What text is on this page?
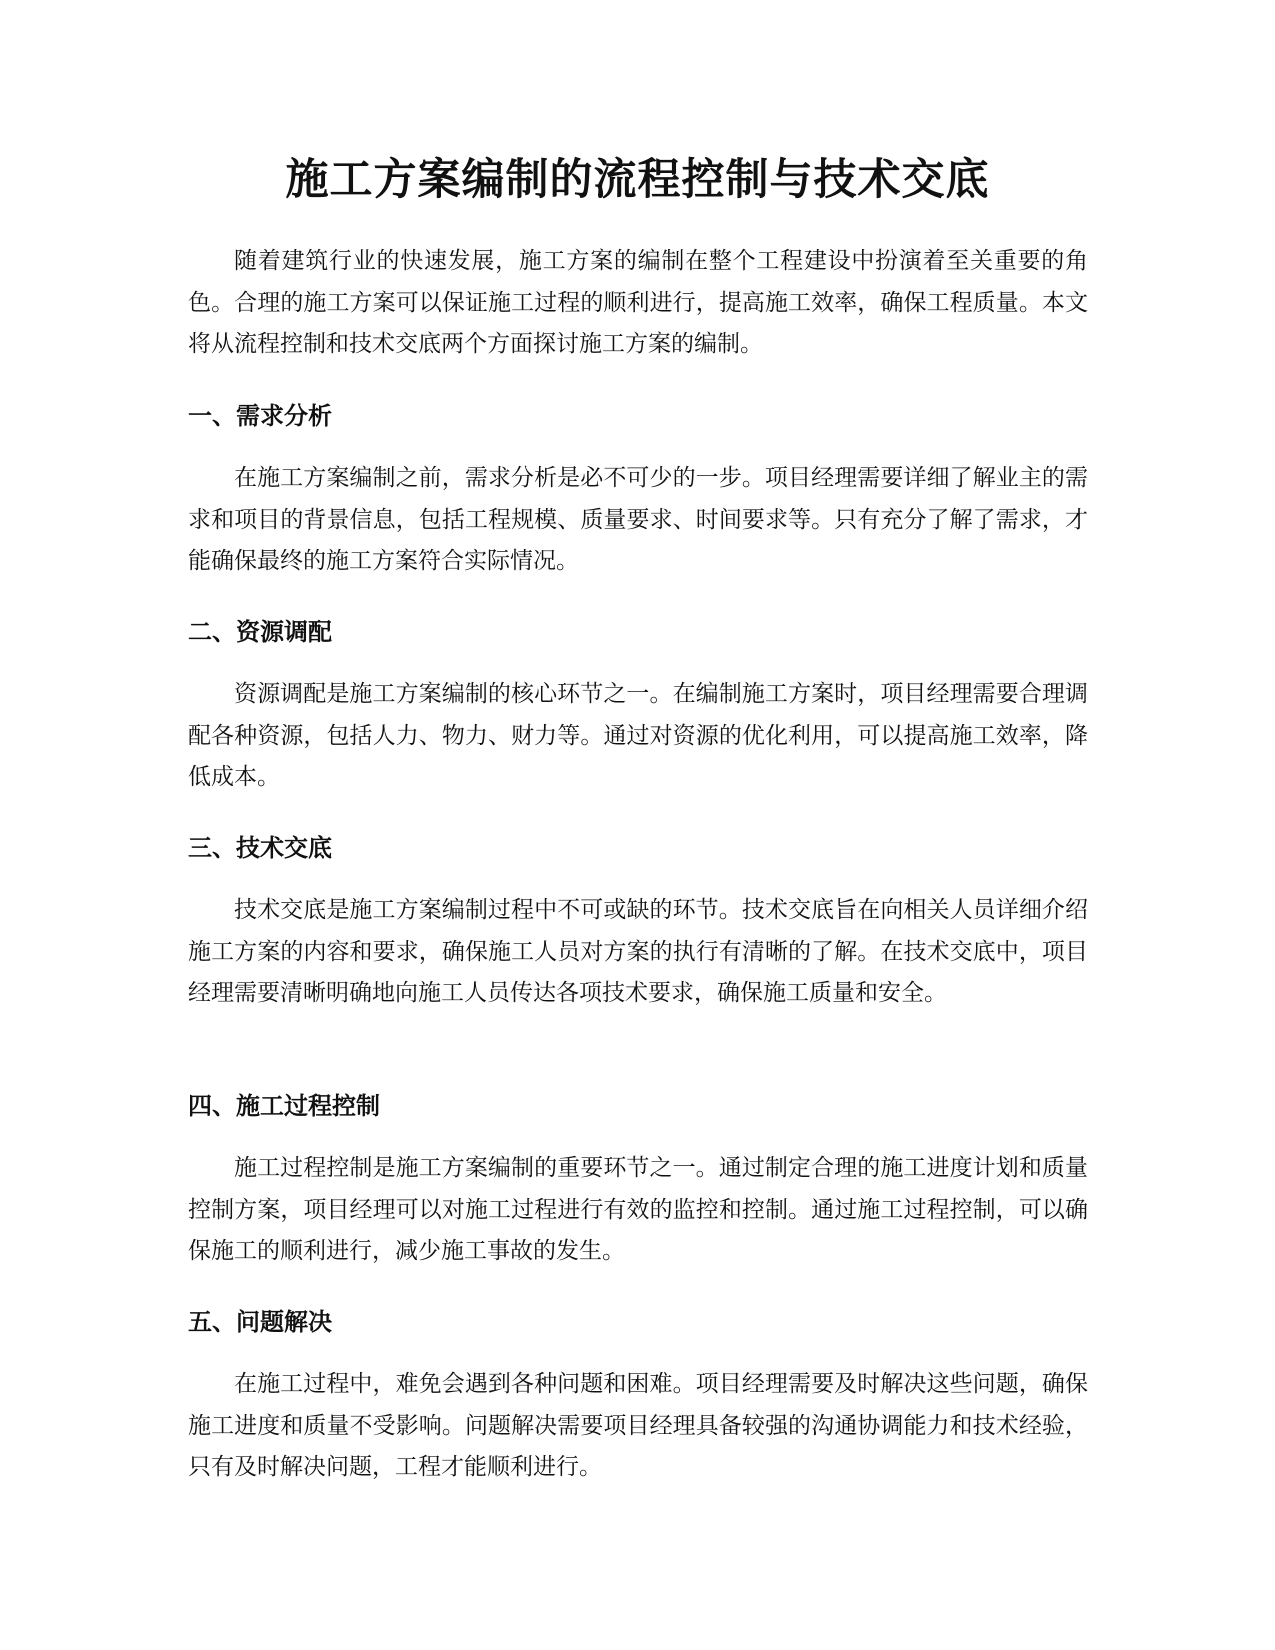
施工方案编制的流程控制与技术交底

随着建筑行业的快速发展，施工方案的编制在整个工程建设中扮演着至关重要的角色。合理的施工方案可以保证施工过程的顺利进行，提高施工效率，确保工程质量。本文将从流程控制和技术交底两个方面探讨施工方案的编制。

一、需求分析

在施工方案编制之前，需求分析是必不可少的一步。项目经理需要详细了解业主的需求和项目的背景信息，包括工程规模、质量要求、时间要求等。只有充分了解了需求，才能确保最终的施工方案符合实际情况。

二、资源调配

资源调配是施工方案编制的核心环节之一。在编制施工方案时，项目经理需要合理调配各种资源，包括人力、物力、财力等。通过对资源的优化利用，可以提高施工效率，降低成本。

三、技术交底

技术交底是施工方案编制过程中不可或缺的环节。技术交底旨在向相关人员详细介绍施工方案的内容和要求，确保施工人员对方案的执行有清晰的了解。在技术交底中，项目经理需要清晰明确地向施工人员传达各项技术要求，确保施工质量和安全。

四、施工过程控制

施工过程控制是施工方案编制的重要环节之一。通过制定合理的施工进度计划和质量控制方案，项目经理可以对施工过程进行有效的监控和控制。通过施工过程控制，可以确保施工的顺利进行，减少施工事故的发生。

五、问题解决

在施工过程中，难免会遇到各种问题和困难。项目经理需要及时解决这些问题，确保施工进度和质量不受影响。问题解决需要项目经理具备较强的沟通协调能力和技术经验，只有及时解决问题，工程才能顺利进行。
